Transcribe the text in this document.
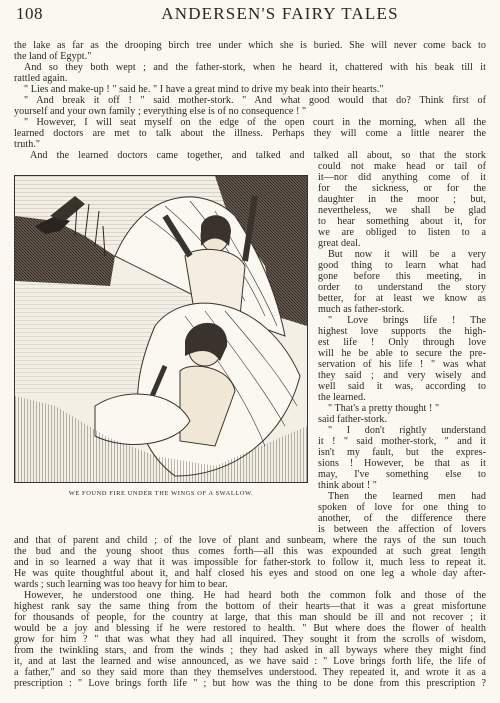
108	ANDERSEN'S FAIRY TALES
the lake as far as the drooping birch tree under which she is buried. She will never come back to
the land of Egypt."
And so they both wept ; and the father-stork, when he heard it, chattered with his beak till it
rattled again.
" Lies and make-up ! " said he. " I have a great mind to drive my beak into their hearts."
" And break it off ! " said mother-stork. " And what good would that do? Think first of
yourself and your own family ; everything else is of no consequence ! "
" However, I will seat myself on the edge of the open court in the morning, when all the
learned doctors are met to talk about the illness. Perhaps they will come a little nearer the
truth."
And the learned doctors came together, and talked and talked all about, so that the stork
WE FOUND FIRE UNDER THE WINGS OF A SWALLOW.
could not make head or tail of
it—nor did anything come of it
for the sickness, or for the
daughter in the moor ; but,
nevertheless, we shall be glad
to hear something about it, for
we are obliged to listen to a
great deal.
But now it will be a very
good thing to learn what had
gone before this meeting, in
order to understand the story
better, for at least we know as
much as father-stork.
" Love brings life ! The
highest love supports the high-
est life ! Only through love
will he be able to secure the pre-
servation of his life ! " was what
they said ; and very wisely and
well said it was, according to
the learned.
" That's a pretty thought ! "
said father-stork.
" I don't rightly understand
it ! " said mother-stork, " and it
isn't my fault, but the expres-
sions ! However, be that as it
may, I've something else to
think about ! "
Then the learned men had
spoken of love for one thing to
another, of the difference there
is between the affection of lovers
and that of parent and child ; of the love of plant and sunbeam, where the rays of the sun touch
the bud and the young shoot thus comes forth—all this was expounded at such great length
and in so learned a way that it was impossible for father-stork to follow it, much less to repeat it.
He was quite thoughtful about it, and half closed his eyes and stood on one leg a whole day after-
wards ; such learning was too heavy for him to bear.
However, he understood one thing. He had heard both the common folk and those of the
highest rank say the same thing from the bottom of their hearts—that it was a great misfortune
for thousands of people, for the country at large, that this man should be ill and not recover ; it
would be a joy and blessing if he were restored to health. " But where does the flower of health
grow for him ? " that was what they had all inquired. They sought it from the scrolls of wisdom,
from the twinkling stars, and from the winds ; they had asked in all byways where they might find
it, and at last the learned and wise announced, as we have said : " Love brings forth life, the life of
a father," and so they said more than they themselves understood. They repeated it, and wrote it as a
prescription : " Love brings forth life " ; but how was the thing to be done from this prescription ?
